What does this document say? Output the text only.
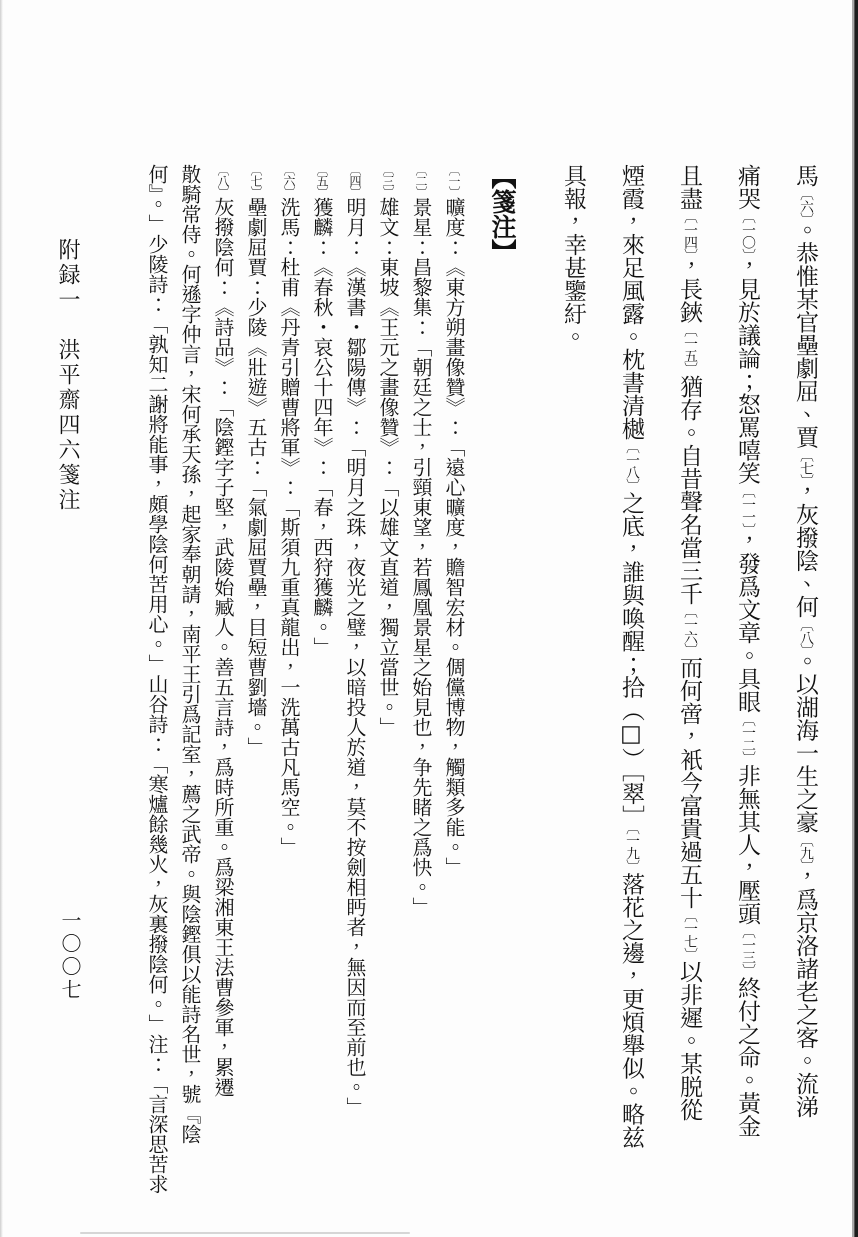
馬〔六〕。恭惟某官壘劇屈、賈〔七〕，灰撥陰、何〔八〕。以湖海一生之豪〔九〕，爲京洛諸老之客。流涕
痛哭〔一〇〕，見於議論；怒罵嘻笑〔一一〕，發爲文章。具眼〔一二〕非無其人，壓頭〔一三〕終付之命。黃金
且盡〔一四〕，長鋏〔一五〕猶存。自昔聲名當三千〔一六〕而何啻，衹今富貴過五十〔一七〕以非遲。某脱從
煙霞，來足風露。枕書清樾〔一八〕之底，誰與喚醒；拾（□）［翠］〔一九〕落花之邊，更煩舉似。略兹
具報，幸甚鑒紆。
【箋注】
〔一〕曠度：《東方朔畫像贊》：「遠心曠度，贍智宏材。倜儻博物，觸類多能。」
〔二〕景星：昌黎集：「朝廷之士，引頸東望，若鳳凰景星之始見也，争先睹之爲快。」
〔三〕雄文：東坡《王元之畫像贊》：「以雄文直道，獨立當世。」
〔四〕明月：《漢書・鄒陽傳》：「明月之珠，夜光之璧，以暗投人於道，莫不按劍相眄者，無因而至前也。」
〔五〕獲麟：《春秋・哀公十四年》：「春，西狩獲麟。」
〔六〕洗馬：杜甫《丹青引贈曹將軍》：「斯須九重真龍出，一洗萬古凡馬空。」
〔七〕壘劇屈賈：少陵《壯遊》五古：「氣劇屈賈壘，目短曹劉墻。」
〔八〕灰撥陰何：《詩品》：「陰鏗字子堅，武陵始臧人。善五言詩，爲時所重。爲梁湘東王法曹參軍，累遷
散騎常侍。何遜字仲言，宋何承天孫，起家奉朝請，南平王引爲記室，薦之武帝。與陰鏗俱以能詩名世，號『陰
何』。」少陵詩：「孰知二謝將能事，頗學陰何苦用心。」山谷詩：「寒爐餘幾火，灰裏撥陰何。」注：「言深思苦求
附録一　洪平齋四六箋注
一〇〇七
